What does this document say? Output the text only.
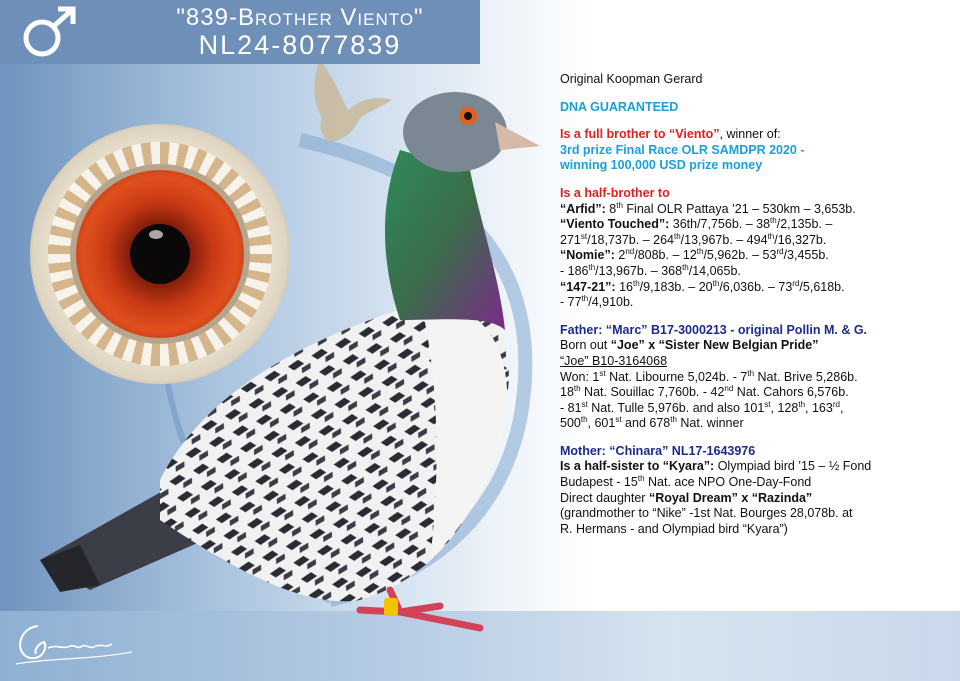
"839-Brother Viento"
NL24-8077839

Original Koopman Gerard

DNA GUARANTEED

Is a full brother to “Viento”, winner of:

3rd prize Final Race OLR SAMDPR 2020 -

winning 100,000 USD prize money

Is a half-brother to

“Arfid”: 8th Final OLR Pattaya ’21 – 530km – 3,653b.

“Viento Touched”: 36th/7,756b. – 38th/2,135b. –

271st/18,737b. – 264th/13,967b. – 494th/16,327b.

“Nomie”: 2nd/808b. – 12th/5,962b. – 53rd/3,455b.

- 186th/13,967b. – 368th/14,065b.

“147-21”: 16th/9,183b. – 20th/6,036b. – 73rd/5,618b.

- 77th/4,910b.

Father: “Marc” B17-3000213 - original Pollin M. & G.

Born out “Joe” x “Sister New Belgian Pride”

“Joe” B10-3164068

Won: 1st Nat. Libourne 5,024b. - 7th Nat. Brive 5,286b.

18th Nat. Souillac 7,760b. - 42nd Nat. Cahors 6,576b.

- 81st Nat. Tulle 5,976b. and also 101st, 128th, 163rd,

500th, 601st and 678th Nat. winner

Mother: “Chinara” NL17-1643976

Is a half-sister to “Kyara”: Olympiad bird ’15 – ½ Fond

Budapest - 15th Nat. ace NPO One-Day-Fond

Direct daughter “Royal Dream” x “Razinda”

(grandmother to “Nike” -1st Nat. Bourges 28,078b. at

R. Hermans - and Olympiad bird “Kyara”)
